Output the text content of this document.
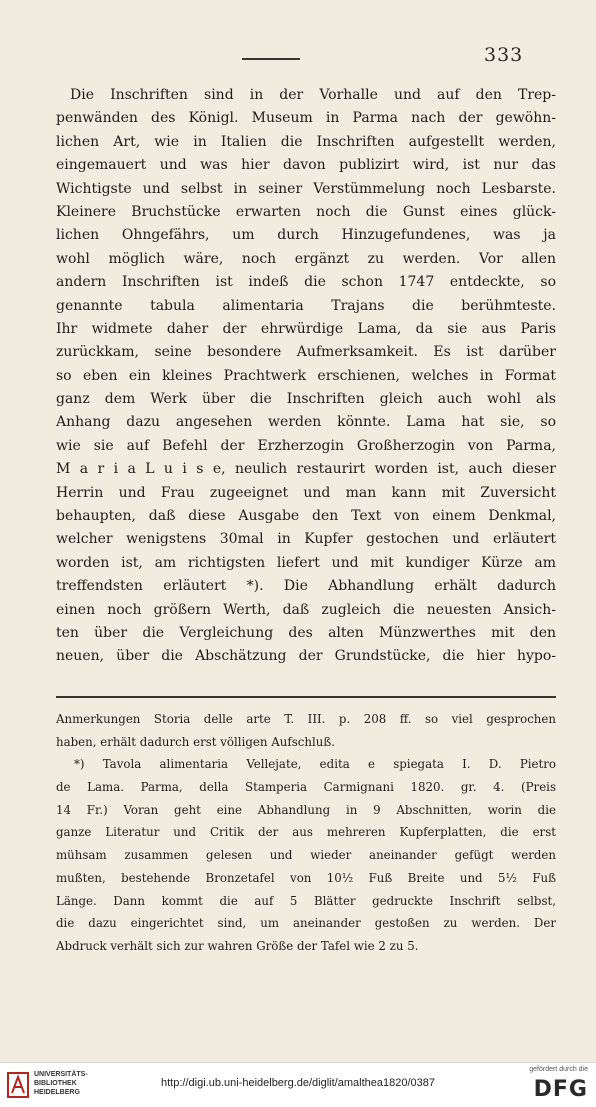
333
Die Inschriften sind in der Vorhalle und auf den Trep-
penwänden des Königl. Museum in Parma nach der gewöhn-
lichen Art, wie in Italien die Inschriften aufgestellt werden,
eingemauert und was hier davon publizirt wird, ist nur das
Wichtigste und selbst in seiner Verstümmelung noch Lesbarste.
Kleinere Bruchstücke erwarten noch die Gunst eines glück-
lichen Ohngefährs, um durch Hinzugefundenes, was ja
wohl möglich wäre, noch ergänzt zu werden. Vor allen
andern Inschriften ist indeß die schon 1747 entdeckte, so
genannte tabula alimentaria Trajans die berühmteste.
Ihr widmete daher der ehrwürdige Lama, da sie aus Paris
zurückkam, seine besondere Aufmerksamkeit. Es ist darüber
so eben ein kleines Prachtwerk erschienen, welches in Format
ganz dem Werk über die Inschriften gleich auch wohl als
Anhang dazu angesehen werden könnte. Lama hat sie, so
wie sie auf Befehl der Erzherzogin Großherzogin von Parma,
M a r i a L u i s e, neulich restaurirt worden ist, auch dieser
Herrin und Frau zugeeignet und man kann mit Zuversicht
behaupten, daß diese Ausgabe den Text von einem Denkmal,
welcher wenigstens 30mal in Kupfer gestochen und erläutert
worden ist, am richtigsten liefert und mit kundiger Kürze am
treffendsten erläutert *). Die Abhandlung erhält dadurch
einen noch größern Werth, daß zugleich die neuesten Ansich-
ten über die Vergleichung des alten Münzwerthes mit den
neuen, über die Abschätzung der Grundstücke, die hier hypo-
Anmerkungen Storia delle arte T. III. p. 208 ff. so viel gesprochen
haben, erhält dadurch erst völligen Aufschluß.
*) Tavola alimentaria Vellejate, edita e spiegata I. D. Pietro
de Lama. Parma, della Stamperia Carmignani 1820. gr. 4. (Preis
14 Fr.) Voran geht eine Abhandlung in 9 Abschnitten, worin die
ganze Literatur und Critik der aus mehreren Kupferplatten, die erst
mühsam zusammen gelesen und wieder aneinander gefügt werden
mußten, bestehende Bronzetafel von 10½ Fuß Breite und 5½ Fuß
Länge. Dann kommt die auf 5 Blätter gedruckte Inschrift selbst,
die dazu eingerichtet sind, um aneinander gestoßen zu werden. Der
Abdruck verhält sich zur wahren Größe der Tafel wie 2 zu 5.
UNIVERSITÄTS-
BIBLIOTHEK
HEIDELBERG
http://digi.ub.uni-heidelberg.de/diglit/amalthea1820/0387
gefördert durch die
DFG
